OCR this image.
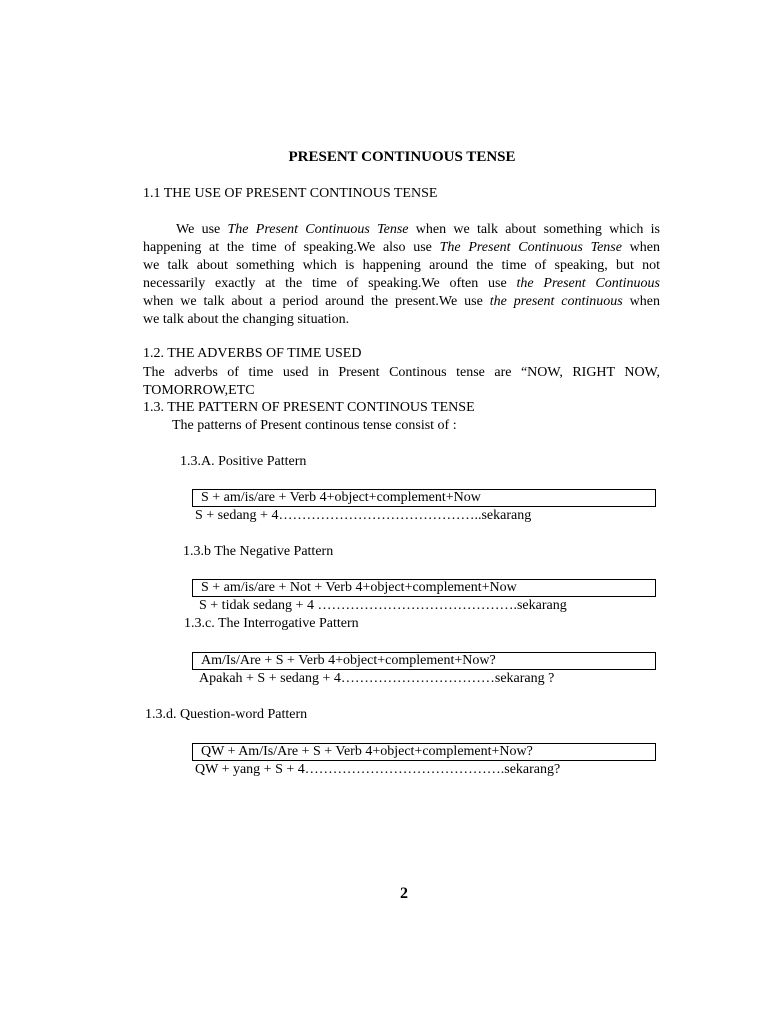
PRESENT CONTINUOUS TENSE
1.1 THE USE OF PRESENT CONTINOUS TENSE
We use The Present Continuous Tense when we talk about something which is
happening at the time of speaking.We also use The Present Continuous Tense when
we talk about something which is happening around the time of speaking, but not
necessarily exactly at the time of speaking.We often use the Present Continuous
when we talk about a period around the present.We use the present continuous when
we talk about the changing situation.
1.2. THE ADVERBS OF TIME USED
The adverbs of time used in Present Continous tense are “NOW, RIGHT NOW,
TOMORROW,ETC
1.3. THE PATTERN OF PRESENT CONTINOUS TENSE
The patterns of Present continous tense consist of :
1.3.A. Positive Pattern
S + am/is/are + Verb 4+object+complement+Now
S + sedang + 4……………………………………..sekarang
1.3.b The Negative Pattern
S + am/is/are + Not + Verb 4+object+complement+Now
S + tidak sedang + 4 …………………………………….sekarang
1.3.c. The Interrogative Pattern
Am/Is/Are + S + Verb 4+object+complement+Now?
Apakah + S + sedang + 4……………………………sekarang ?
1.3.d. Question-word Pattern
QW + Am/Is/Are + S + Verb 4+object+complement+Now?
QW + yang + S + 4…………………………………….sekarang?
2
